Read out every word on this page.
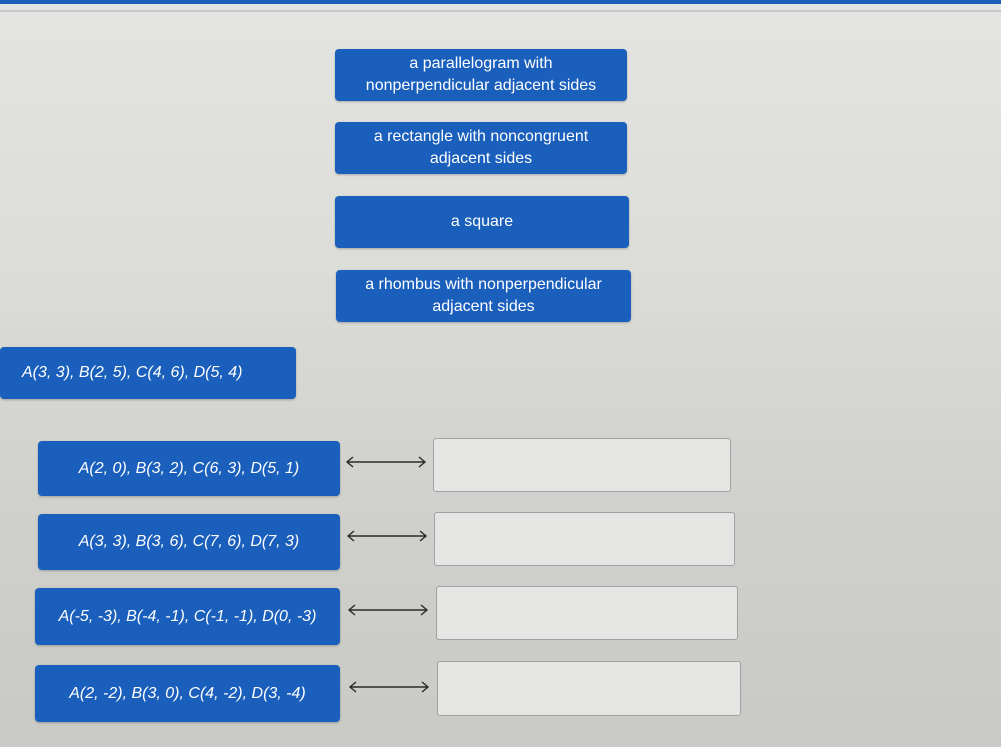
a parallelogram with
nonperpendicular adjacent sides
a rectangle with noncongruent
adjacent sides
a square
a rhombus with nonperpendicular
adjacent sides
A(3, 3), B(2, 5), C(4, 6), D(5, 4)
A(2, 0), B(3, 2), C(6, 3), D(5, 1)
A(3, 3), B(3, 6), C(7, 6), D(7, 3)
A(-5, -3), B(-4, -1), C(-1, -1), D(0, -3)
A(2, -2), B(3, 0), C(4, -2), D(3, -4)
